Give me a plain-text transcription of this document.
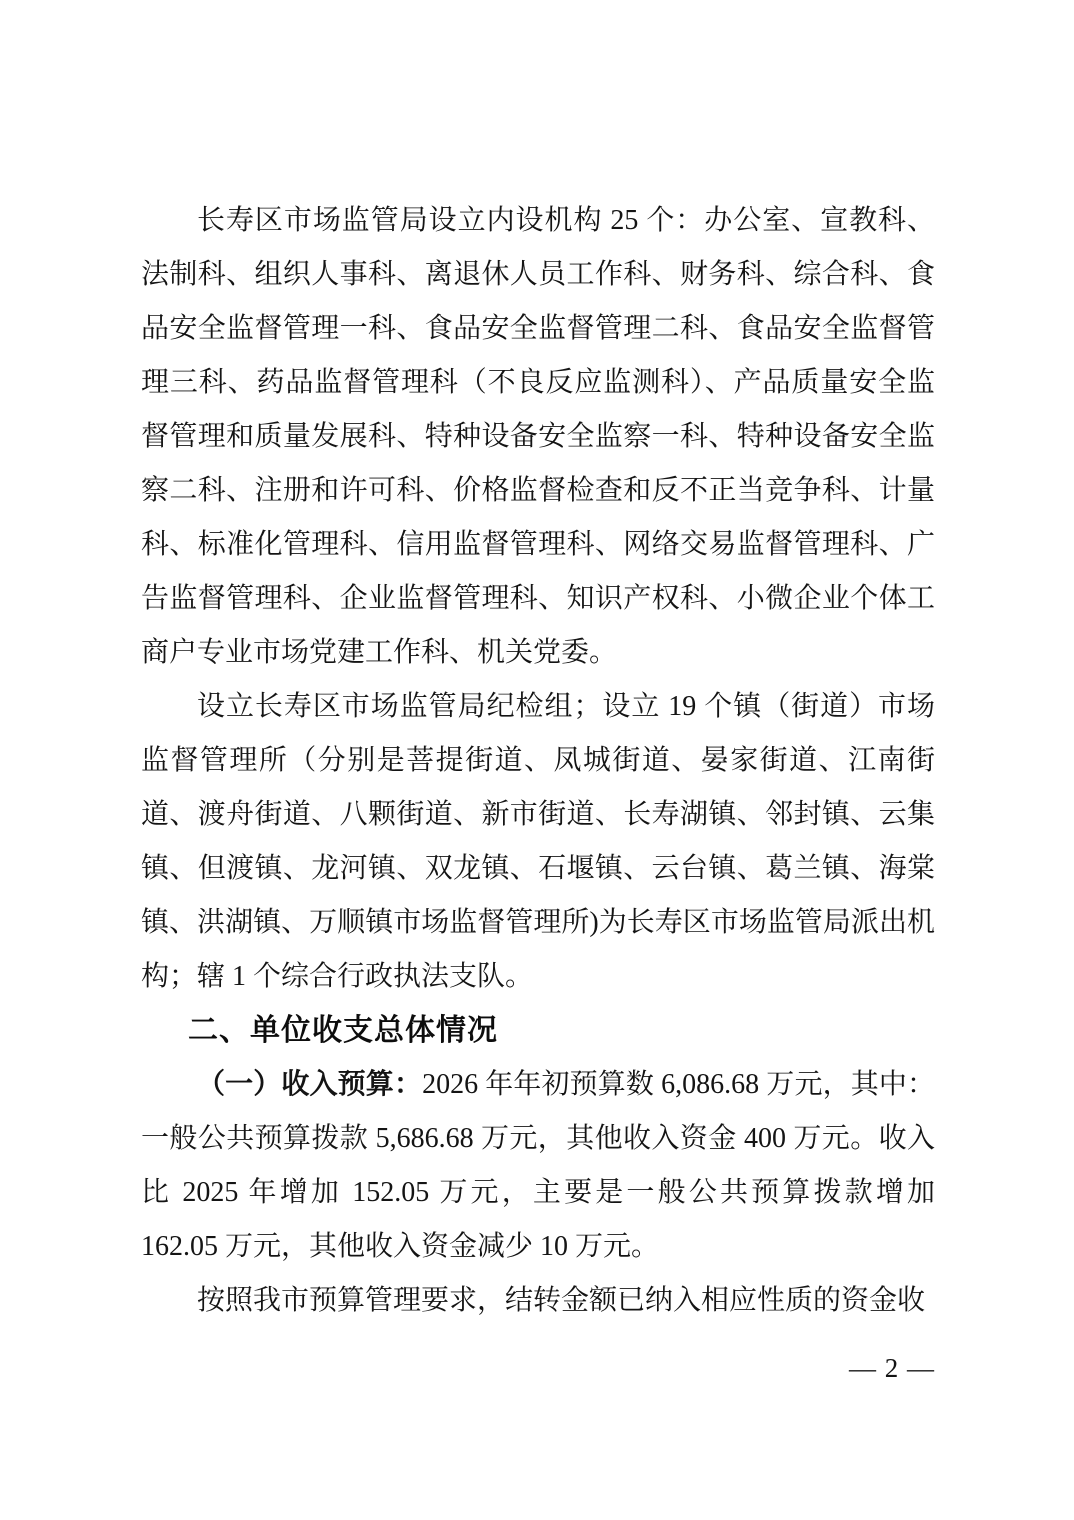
长寿区市场监管局设立内设机构 25 个：办公室、宣教科、法制科、组织人事科、离退休人员工作科、财务科、综合科、食品安全监督管理一科、食品安全监督管理二科、食品安全监督管理三科、药品监督管理科（不良反应监测科）、产品质量安全监督管理和质量发展科、特种设备安全监察一科、特种设备安全监察二科、注册和许可科、价格监督检查和反不正当竞争科、计量科、标准化管理科、信用监督管理科、网络交易监督管理科、广告监督管理科、企业监督管理科、知识产权科、小微企业个体工商户专业市场党建工作科、机关党委。

设立长寿区市场监管局纪检组；设立 19 个镇（街道）市场监督管理所（分别是菩提街道、凤城街道、晏家街道、江南街道、渡舟街道、八颗街道、新市街道、长寿湖镇、邻封镇、云集镇、但渡镇、龙河镇、双龙镇、石堰镇、云台镇、葛兰镇、海棠镇、洪湖镇、万顺镇市场监督管理所)为长寿区市场监管局派出机构；辖 1 个综合行政执法支队。

二、单位收支总体情况

（一）收入预算：2026 年年初预算数 6,086.68 万元，其中：一般公共预算拨款 5,686.68 万元，其他收入资金 400 万元。收入比 2025 年增加 152.05 万元，主要是一般公共预算拨款增加 162.05 万元，其他收入资金减少 10 万元。

按照我市预算管理要求，结转金额已纳入相应性质的资金收

— 2 —
